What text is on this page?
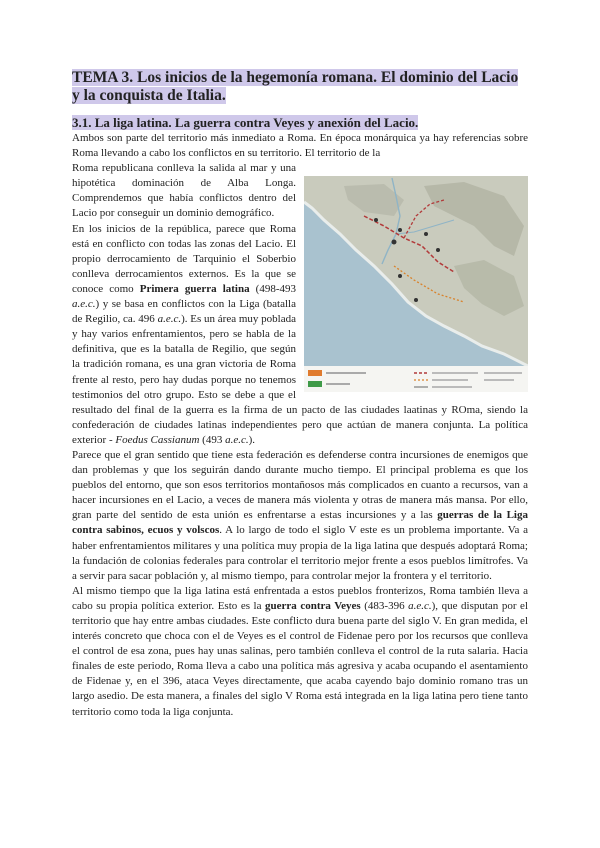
TEMA 3. Los inicios de la hegemonía romana. El dominio del Lacio
y la conquista de Italia.
3.1. La liga latina. La guerra contra Veyes y anexión del Lacio.

Ambos son parte del territorio más inmediato a Roma. En época monárquica ya hay referencias sobre Roma llevando a cabo los conflictos en su territorio. El territorio de la

Roma republicana conlleva la salida al mar y una hipotética dominación de Alba Longa. Comprendemos que había conflictos dentro del Lacio por conseguir un dominio demográfico.

En los inicios de la república, parece que Roma está en conflicto con todas las zonas del Lacio. El propio derrocamiento de Tarquinio el Soberbio conlleva derrocamientos externos. Es la que se conoce como Primera guerra latina (498-493 a.e.c.) y se basa en conflictos con la Liga (batalla de Regilio, ca. 496 a.e.c.). Es un área muy poblada y hay varios enfrentamientos, pero se habla de la definitiva, que es la batalla de Regilio, que según la tradición romana, es una gran victoria de Roma frente al resto, pero hay dudas porque no tenemos testimonios del otro grupo. Esto se debe a que el resultado del final de la guerra es la firma de un pacto de las ciudades laatinas y ROma, siendo la confederación de ciudades latinas independientes pero que actúan de manera conjunta. La política exterior - Foedus Cassianum (493 a.e.c.).

Parece que el gran sentido que tiene esta federación es defenderse contra incursiones de enemigos que dan problemas y que los seguirán dando durante mucho tiempo. El principal problema es que los pueblos del entorno, que son esos territorios montañosos más complicados en cuanto a recursos, van a hacer incursiones en el Lacio, a veces de manera más violenta y otras de manera más mansa. Por ello, gran parte del sentido de esta unión es enfrentarse a estas incursiones y a las guerras de la Liga contra sabinos, ecuos y volscos. A lo largo de todo el siglo V este es un problema importante. Va a haber enfrentamientos militares y una política muy propia de la liga latina que después adoptará Roma; la fundación de colonias federales para controlar el territorio mejor frente a esos pueblos limítrofes. Va a servir para sacar población y, al mismo tiempo, para controlar mejor la frontera y el territorio.

Al mismo tiempo que la liga latina está enfrentada a estos pueblos fronterizos, Roma también lleva a cabo su propia política exterior. Esto es la guerra contra Veyes (483-396 a.e.c.), que disputan por el territorio que hay entre ambas ciudades. Este conflicto dura buena parte del siglo V. En gran medida, el interés concreto que choca con el de Veyes es el control de Fidenae pero por los recursos que conlleva el control de esa zona, pues hay unas salinas, pero también conlleva el control de la ruta salaria. Hacia finales de este periodo, Roma lleva a cabo una política más agresiva y acaba ocupando el asentamiento de Fidenae y, en el 396, ataca Veyes directamente, que acaba cayendo bajo dominio romano tras un largo asedio. De esta manera, a finales del siglo V Roma está integrada en la liga latina pero tiene tanto territorio como toda la liga conjunta.
